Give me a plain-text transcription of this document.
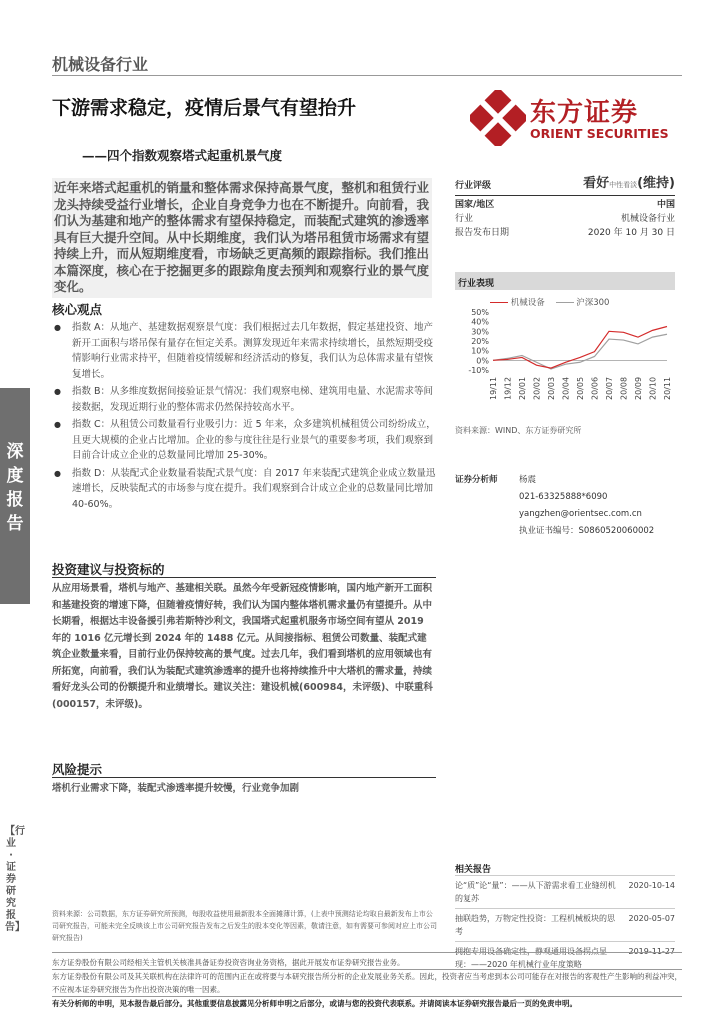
机械设备行业
下游需求稳定，疫情后景气有望抬升
——四个指数观察塔式起重机景气度
东方证券
ORIENT SECURITIES
近年来塔式起重机的销量和整体需求保持高景气度，整机和租赁行业龙头持续受益行业增长，企业自身竞争力也在不断提升。向前看，我们认为基建和地产的整体需求有望保持稳定，而装配式建筑的渗透率具有巨大提升空间。从中长期维度，我们认为塔吊租赁市场需求有望持续上升，而从短期维度看，市场缺乏更高频的跟踪指标。我们推出本篇深度，核心在于挖掘更多的跟踪角度去预判和观察行业的景气度变化。
核心观点
● 指数 A：从地产、基建数据观察景气度：我们根据过去几年数据，假定基建投资、地产新开工面积与塔吊保有量存在恒定关系。测算发现近年来需求持续增长，虽然短期受疫情影响行业需求持平，但随着疫情缓解和经济活动的修复，我们认为总体需求量有望恢复增长。
● 指数 B：从多维度数据间接验证景气情况：我们观察电梯、建筑用电量、水泥需求等间接数据，发现近期行业的整体需求仍然保持较高水平。
● 指数 C：从租赁公司数量看行业吸引力：近 5 年来，众多建筑机械租赁公司纷纷成立，且更大规模的企业占比增加。企业的参与度往往是行业景气的重要参考项，我们观察到目前合计成立企业的总数量同比增加 25-30%。
● 指数 D：从装配式企业数量看装配式景气度：自 2017 年来装配式建筑企业成立数量迅速增长，反映装配式的市场参与度在提升。我们观察到合计成立企业的总数量同比增加 40-60%。
投资建议与投资标的
从应用场景看，塔机与地产、基建相关联。虽然今年受新冠疫情影响，国内地产新开工面积和基建投资的增速下降，但随着疫情好转，我们认为国内整体塔机需求量仍有望提升。从中长期看，根据达丰设备援引弗若斯特沙利文，我国塔式起重机服务市场空间有望从 2019 年的 1016 亿元增长到 2024 年的 1488 亿元。从间接指标、租赁公司数量、装配式建筑企业数量来看，目前行业仍保持较高的景气度。过去几年，我们看到塔机的应用领域也有所拓宽，向前看，我们认为装配式建筑渗透率的提升也将持续推升中大塔机的需求量，持续看好龙头公司的份额提升和业绩增长。建议关注：建设机械(600984，未评级)、中联重科(000157，未评级)。
风险提示
塔机行业需求下降，装配式渗透率提升较慢，行业竞争加剧
深度报告
【行业·证券研究报告】
行业评级	看好中性看淡(维持)
国家/地区	中国
行业	机械设备行业
报告发布日期	2020 年 10 月 30 日
行业表现
机械设备	沪深300
50%
40%
30%
20%
10%
0%
-10%
19/11 19/12 20/01 20/02 20/03 20/04 20/05 20/06 20/07 20/08 20/09 20/10 20/11
资料来源：WIND、东方证券研究所
证券分析师	杨震
021-63325888*6090
yangzhen@orientsec.com.cn
执业证书编号：S0860520060002
相关报告
论“质”论“量”：——从下游需求看工业缝纫机的复苏
2020-10-14
抽联趋势，万物定性投资：工程机械板块的思考
2020-05-07
拥抱专用设备确定性，静观通用设备拐点显现：——2020 年机械行业年度策略
2019-11-27
资料来源：公司数据，东方证券研究所预测，每股收益使用最新股本全面摊薄计算，(上表中预测结论均取自最新发布上市公司研究报告，可能未完全反映该上市公司研究报告发布之后发生的股本变化等因素，敬请注意，如有需要可参阅对应上市公司研究报告)
东方证券股份有限公司经相关主管机关核准具备证券投资咨询业务资格，据此开展发布证券研究报告业务。
东方证券股份有限公司及其关联机构在法律许可的范围内正在或将要与本研究报告所分析的企业发展业务关系。因此，投资者应当考虑到本公司可能存在对报告的客观性产生影响的利益冲突，不应视本证券研究报告为作出投资决策的唯一因素。
有关分析师的申明，见本报告最后部分。其他重要信息披露见分析师申明之后部分，或请与您的投资代表联系。并请阅读本证券研究报告最后一页的免责申明。
